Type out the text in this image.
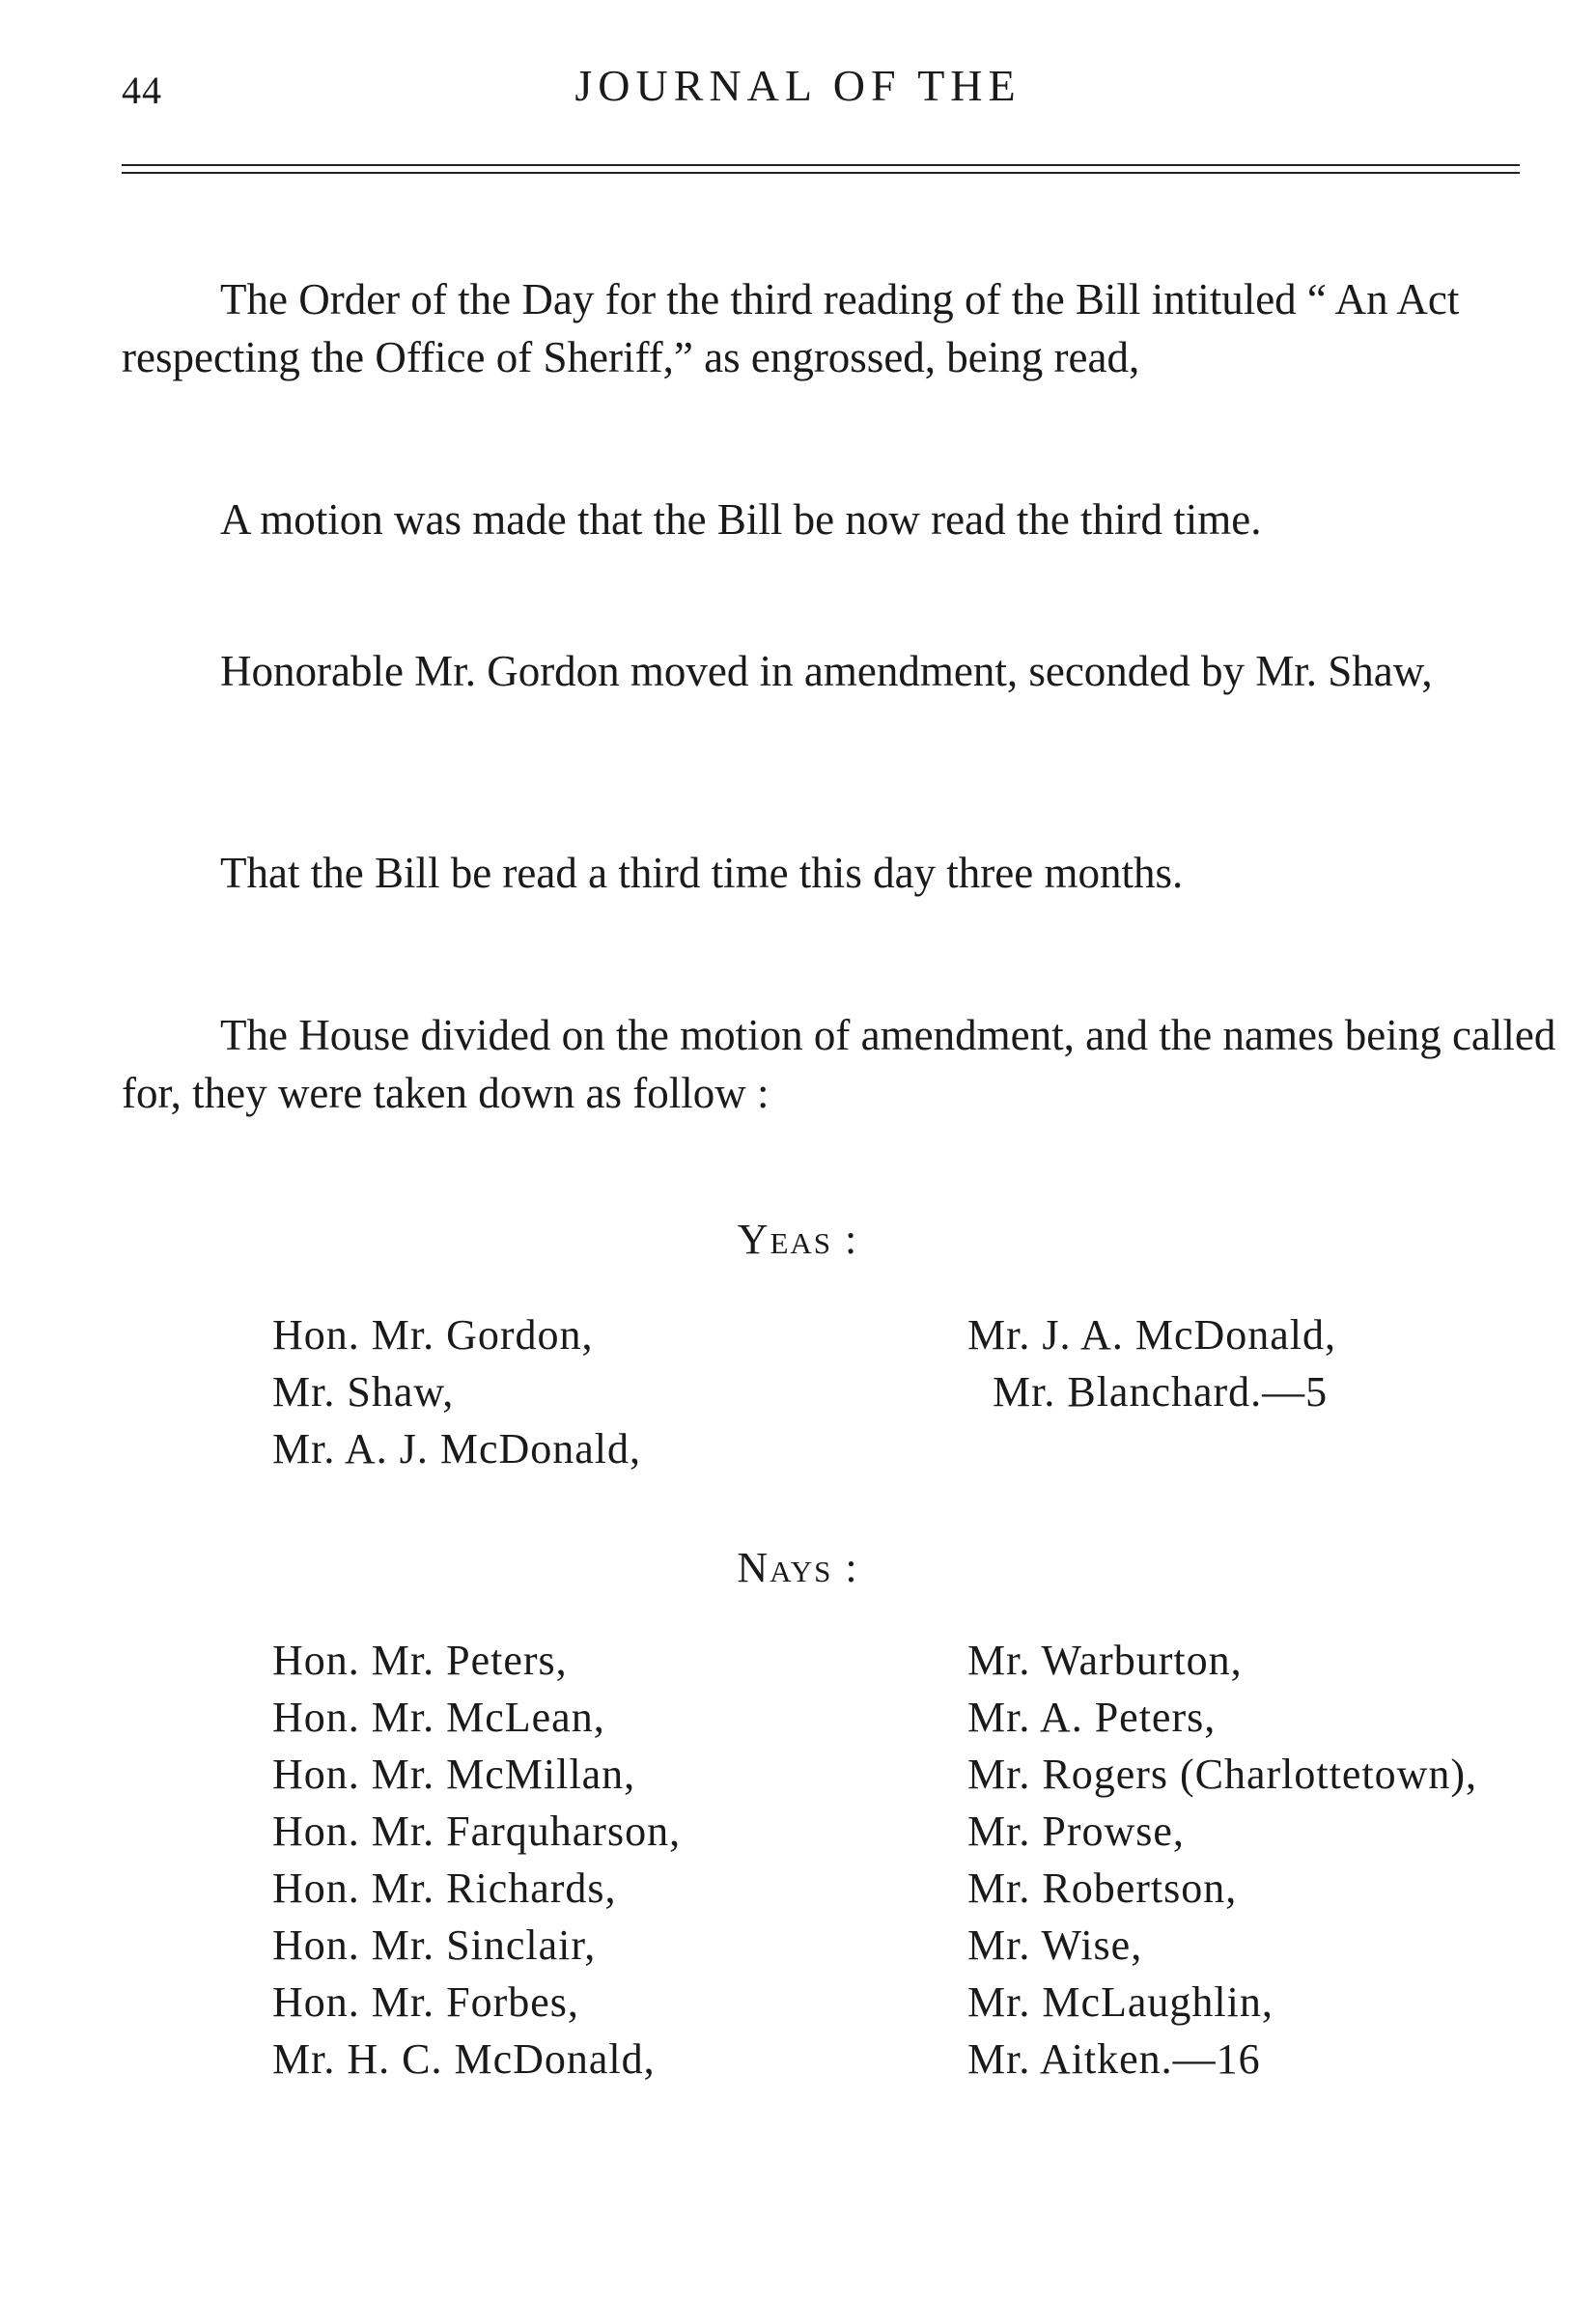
44	JOURNAL OF THE

The Order of the Day for the third reading of the Bill intituled “ An Act respecting the Office of Sheriff,” as engrossed, being read,

A motion was made that the Bill be now read the third time.

Honorable Mr. Gordon moved in amendment, seconded by Mr. Shaw,

That the Bill be read a third time this day three months.

The House divided on the motion of amendment, and the names being called for, they were taken down as follow :

Yeas :
Hon. Mr. Gordon,
Mr. Shaw,
Mr. A. J. McDonald,
Mr. J. A. McDonald,
Mr. Blanchard.—5
Nays :
Hon. Mr. Peters,
Hon. Mr. McLean,
Hon. Mr. McMillan,
Hon. Mr. Farquharson,
Hon. Mr. Richards,
Hon. Mr. Sinclair,
Hon. Mr. Forbes,
Mr. H. C. McDonald,
Mr. Warburton,
Mr. A. Peters,
Mr. Rogers (Charlottetown),
Mr. Prowse,
Mr. Robertson,
Mr. Wise,
Mr. McLaughlin,
Mr. Aitken.—16
